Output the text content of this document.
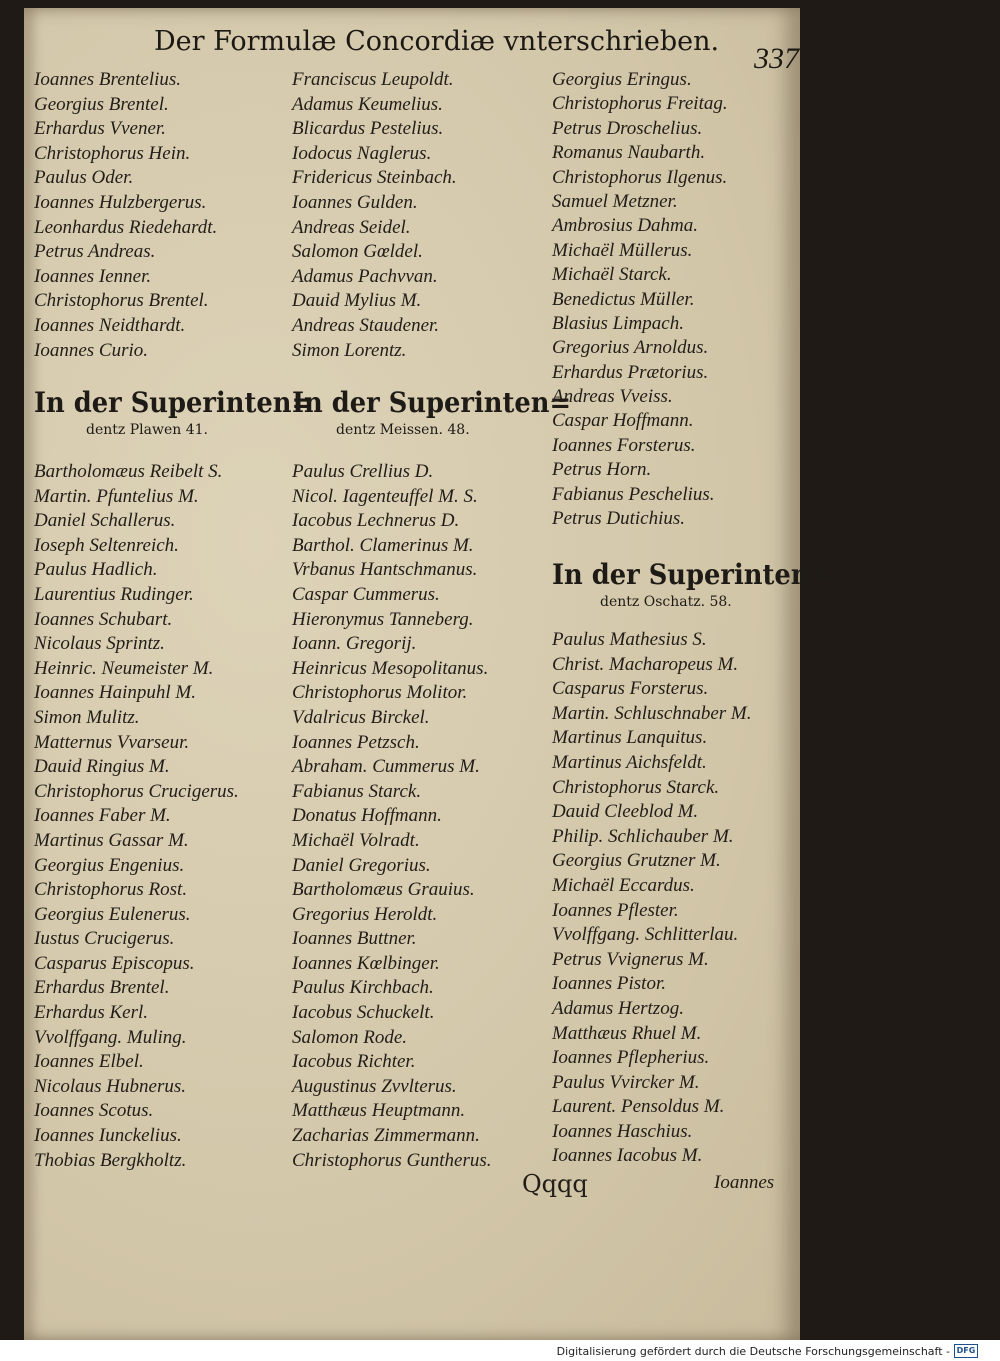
Der Formulæ Concordiæ vnterschrieben.
337
Ioannes Brentelius.
Georgius Brentel.
Erhardus Vvener.
Christophorus Hein.
Paulus Oder.
Ioannes Hulzbergerus.
Leonhardus Riedehardt.
Petrus Andreas.
Ioannes Ienner.
Christophorus Brentel.
Ioannes Neidthardt.
Ioannes Curio.
In der Superinten=
dentz Plawen 41.
Bartholomæus Reibelt S.
Martin. Pfuntelius M.
Daniel Schallerus.
Ioseph Seltenreich.
Paulus Hadlich.
Laurentius Rudinger.
Ioannes Schubart.
Nicolaus Sprintz.
Heinric. Neumeister M.
Ioannes Hainpuhl M.
Simon Mulitz.
Matternus Vvarseur.
Dauid Ringius M.
Christophorus Crucigerus.
Ioannes Faber M.
Martinus Gassar M.
Georgius Engenius.
Christophorus Rost.
Georgius Eulenerus.
Iustus Crucigerus.
Casparus Episcopus.
Erhardus Brentel.
Erhardus Kerl.
Vvolffgang. Muling.
Ioannes Elbel.
Nicolaus Hubnerus.
Ioannes Scotus.
Ioannes Iunckelius.
Thobias Bergkholtz.
Franciscus Leupoldt.
Adamus Keumelius.
Blicardus Pestelius.
Iodocus Naglerus.
Fridericus Steinbach.
Ioannes Gulden.
Andreas Seidel.
Salomon Gœldel.
Adamus Pachvvan.
Dauid Mylius M.
Andreas Staudener.
Simon Lorentz.
In der Superinten=
dentz Meissen. 48.
Paulus Crellius D.
Nicol. Iagenteuffel M. S.
Iacobus Lechnerus D.
Barthol. Clamerinus M.
Vrbanus Hantschmanus.
Caspar Cummerus.
Hieronymus Tanneberg.
Ioann. Gregorij.
Heinricus Mesopolitanus.
Christophorus Molitor.
Vdalricus Birckel.
Ioannes Petzsch.
Abraham. Cummerus M.
Fabianus Starck.
Donatus Hoffmann.
Michaël Volradt.
Daniel Gregorius.
Bartholomæus Grauius.
Gregorius Heroldt.
Ioannes Buttner.
Ioannes Kœlbinger.
Paulus Kirchbach.
Iacobus Schuckelt.
Salomon Rode.
Iacobus Richter.
Augustinus Zvvlterus.
Matthæus Heuptmann.
Zacharias Zimmermann.
Christophorus Guntherus.
Georgius Eringus.
Christophorus Freitag.
Petrus Droschelius.
Romanus Naubarth.
Christophorus Ilgenus.
Samuel Metzner.
Ambrosius Dahma.
Michaël Müllerus.
Michaël Starck.
Benedictus Müller.
Blasius Limpach.
Gregorius Arnoldus.
Erhardus Prætorius.
Andreas Vveiss.
Caspar Hoffmann.
Ioannes Forsterus.
Petrus Horn.
Fabianus Peschelius.
Petrus Dutichius.
In der Superinten=
dentz Oschatz. 58.
Paulus Mathesius S.
Christ. Macharopeus M.
Casparus Forsterus.
Martin. Schluschnaber M.
Martinus Lanquitus.
Martinus Aichsfeldt.
Christophorus Starck.
Dauid Cleeblod M.
Philip. Schlichauber M.
Georgius Grutzner M.
Michaël Eccardus.
Ioannes Pflester.
Vvolffgang. Schlitterlau.
Petrus Vvignerus M.
Ioannes Pistor.
Adamus Hertzog.
Matthæus Rhuel M.
Ioannes Pflepherius.
Paulus Vvircker M.
Laurent. Pensoldus M.
Ioannes Haschius.
Ioannes Iacobus M.
Qqqq	Ioannes
Digitalisierung gefördert durch die Deutsche Forschungsgemeinschaft - DFG
